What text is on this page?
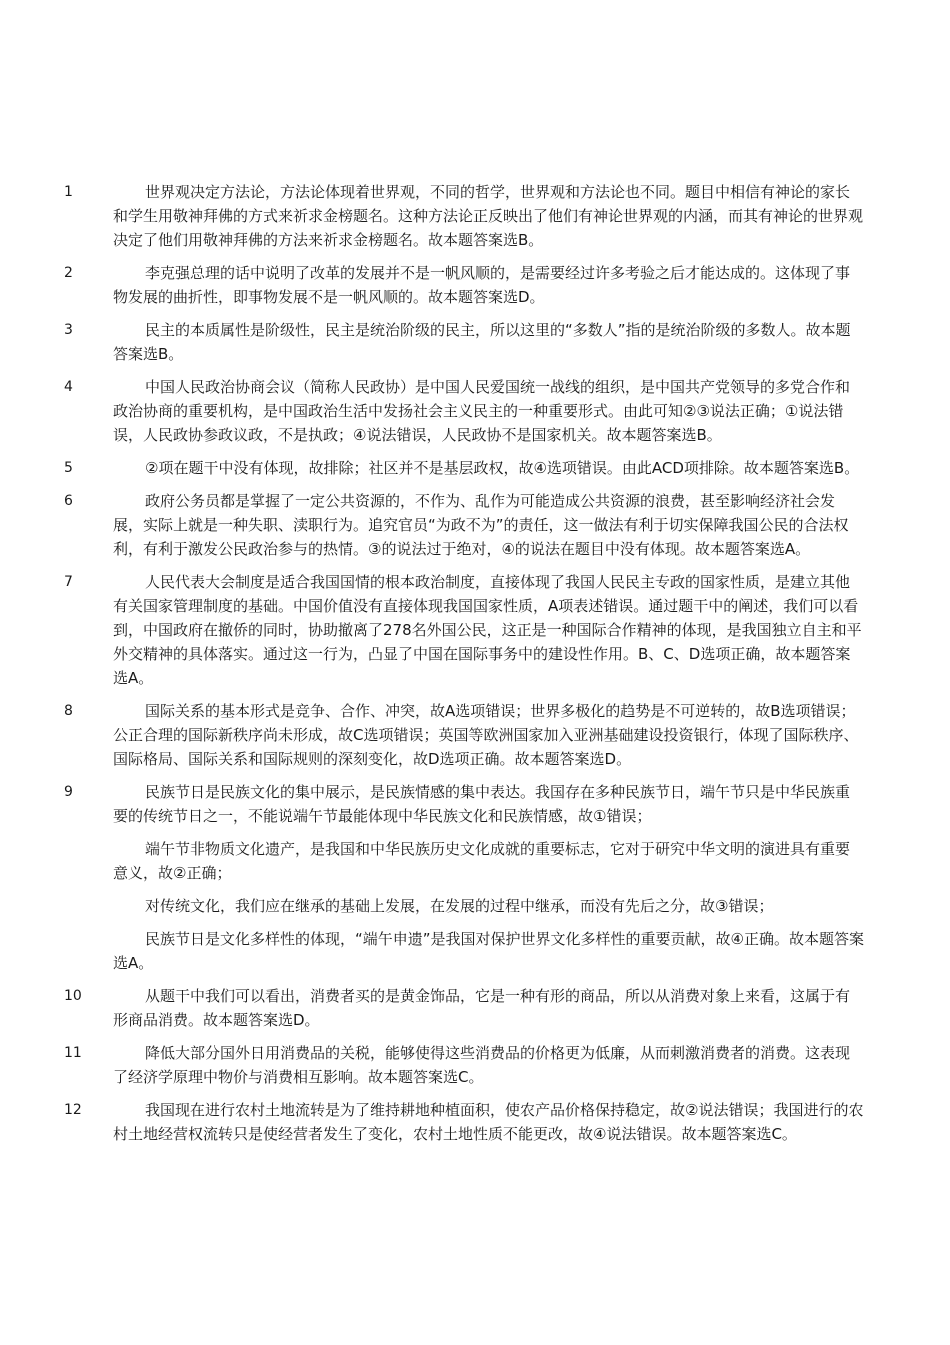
1	世界观决定方法论，方法论体现着世界观，不同的哲学，世界观和方法论也不同。题目中相信有神论的家长和学生用敬神拜佛的方式来祈求金榜题名。这种方法论正反映出了他们有神论世界观的内涵，而其有神论的世界观决定了他们用敬神拜佛的方法来祈求金榜题名。故本题答案选B。

2	李克强总理的话中说明了改革的发展并不是一帆风顺的，是需要经过许多考验之后才能达成的。这体现了事物发展的曲折性，即事物发展不是一帆风顺的。故本题答案选D。

3	民主的本质属性是阶级性，民主是统治阶级的民主，所以这里的“多数人”指的是统治阶级的多数人。故本题答案选B。

4	中国人民政治协商会议（简称人民政协）是中国人民爱国统一战线的组织，是中国共产党领导的多党合作和政治协商的重要机构，是中国政治生活中发扬社会主义民主的一种重要形式。由此可知②③说法正确；①说法错误，人民政协参政议政，不是执政；④说法错误，人民政协不是国家机关。故本题答案选B。

5	②项在题干中没有体现，故排除；社区并不是基层政权，故④选项错误。由此ACD项排除。故本题答案选B。

6	政府公务员都是掌握了一定公共资源的，不作为、乱作为可能造成公共资源的浪费，甚至影响经济社会发展，实际上就是一种失职、渎职行为。追究官员“为政不为”的责任，这一做法有利于切实保障我国公民的合法权利，有利于激发公民政治参与的热情。③的说法过于绝对，④的说法在题目中没有体现。故本题答案选A。

7	人民代表大会制度是适合我国国情的根本政治制度，直接体现了我国人民民主专政的国家性质，是建立其他有关国家管理制度的基础。中国价值没有直接体现我国国家性质，A项表述错误。通过题干中的阐述，我们可以看到，中国政府在撤侨的同时，协助撤离了278名外国公民，这正是一种国际合作精神的体现，是我国独立自主和平外交精神的具体落实。通过这一行为，凸显了中国在国际事务中的建设性作用。B、C、D选项正确，故本题答案选A。

8	国际关系的基本形式是竞争、合作、冲突，故A选项错误；世界多极化的趋势是不可逆转的，故B选项错误；公正合理的国际新秩序尚未形成，故C选项错误；英国等欧洲国家加入亚洲基础建设投资银行，体现了国际秩序、国际格局、国际关系和国际规则的深刻变化，故D选项正确。故本题答案选D。

9	民族节日是民族文化的集中展示，是民族情感的集中表达。我国存在多种民族节日，端午节只是中华民族重要的传统节日之一，不能说端午节最能体现中华民族文化和民族情感，故①错误；

端午节非物质文化遗产，是我国和中华民族历史文化成就的重要标志，它对于研究中华文明的演进具有重要意义，故②正确；

对传统文化，我们应在继承的基础上发展，在发展的过程中继承，而没有先后之分，故③错误；

民族节日是文化多样性的体现，“端午申遗”是我国对保护世界文化多样性的重要贡献，故④正确。故本题答案选A。

10	从题干中我们可以看出，消费者买的是黄金饰品，它是一种有形的商品，所以从消费对象上来看，这属于有形商品消费。故本题答案选D。

11	降低大部分国外日用消费品的关税，能够使得这些消费品的价格更为低廉，从而刺激消费者的消费。这表现了经济学原理中物价与消费相互影响。故本题答案选C。

12	我国现在进行农村土地流转是为了维持耕地种植面积，使农产品价格保持稳定，故②说法错误；我国进行的农村土地经营权流转只是使经营者发生了变化，农村土地性质不能更改，故④说法错误。故本题答案选C。
